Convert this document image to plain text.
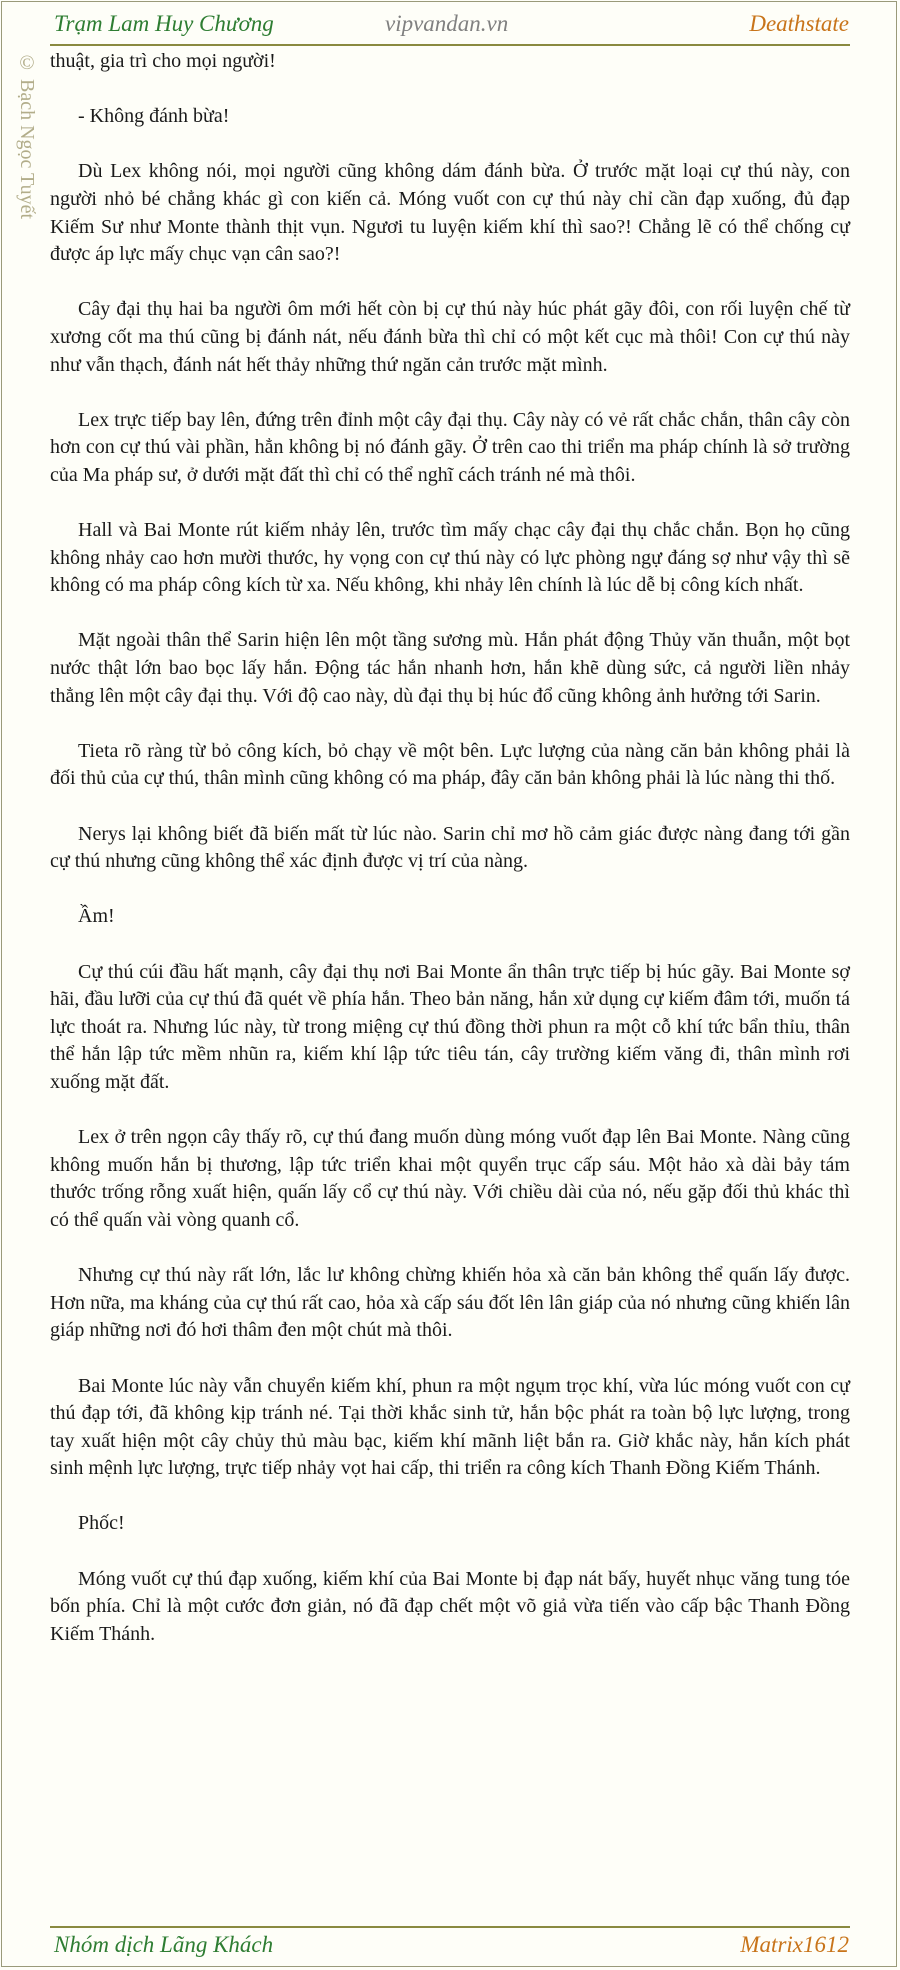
Trạm Lam Huy Chương	vipvandan.vn	Deathstate
© Bạch Ngọc Tuyết thuật, gia trì cho mọi người!

- Không đánh bừa!

Dù Lex không nói, mọi người cũng không dám đánh bừa. Ở trước mặt loại cự thú này, con người nhỏ bé chẳng khác gì con kiến cả. Móng vuốt con cự thú này chỉ cần đạp xuống, đủ đạp Kiếm Sư như Monte thành thịt vụn. Ngươi tu luyện kiếm khí thì sao?! Chẳng lẽ có thể chống cự được áp lực mấy chục vạn cân sao?!

Cây đại thụ hai ba người ôm mới hết còn bị cự thú này húc phát gãy đôi, con rối luyện chế từ xương cốt ma thú cũng bị đánh nát, nếu đánh bừa thì chỉ có một kết cục mà thôi! Con cự thú này như vẫn thạch, đánh nát hết thảy những thứ ngăn cản trước mặt mình.

Lex trực tiếp bay lên, đứng trên đỉnh một cây đại thụ. Cây này có vẻ rất chắc chắn, thân cây còn hơn con cự thú vài phần, hẳn không bị nó đánh gãy. Ở trên cao thi triển ma pháp chính là sở trường của Ma pháp sư, ở dưới mặt đất thì chỉ có thể nghĩ cách tránh né mà thôi.

Hall và Bai Monte rút kiếm nhảy lên, trước tìm mấy chạc cây đại thụ chắc chắn. Bọn họ cũng không nhảy cao hơn mười thước, hy vọng con cự thú này có lực phòng ngự đáng sợ như vậy thì sẽ không có ma pháp công kích từ xa. Nếu không, khi nhảy lên chính là lúc dễ bị công kích nhất.

Mặt ngoài thân thể Sarin hiện lên một tầng sương mù. Hắn phát động Thủy văn thuẫn, một bọt nước thật lớn bao bọc lấy hắn. Động tác hắn nhanh hơn, hắn khẽ dùng sức, cả người liền nhảy thẳng lên một cây đại thụ. Với độ cao này, dù đại thụ bị húc đổ cũng không ảnh hưởng tới Sarin.

Tieta rõ ràng từ bỏ công kích, bỏ chạy về một bên. Lực lượng của nàng căn bản không phải là đối thủ của cự thú, thân mình cũng không có ma pháp, đây căn bản không phải là lúc nàng thi thố.

Nerys lại không biết đã biến mất từ lúc nào. Sarin chỉ mơ hồ cảm giác được nàng đang tới gần cự thú nhưng cũng không thể xác định được vị trí của nàng.

Ầm!

Cự thú cúi đầu hất mạnh, cây đại thụ nơi Bai Monte ẩn thân trực tiếp bị húc gãy. Bai Monte sợ hãi, đầu lưỡi của cự thú đã quét về phía hắn. Theo bản năng, hắn xử dụng cự kiếm đâm tới, muốn tá lực thoát ra. Nhưng lúc này, từ trong miệng cự thú đồng thời phun ra một cỗ khí tức bẩn thỉu, thân thể hắn lập tức mềm nhũn ra, kiếm khí lập tức tiêu tán, cây trường kiếm văng đi, thân mình rơi xuống mặt đất.

Lex ở trên ngọn cây thấy rõ, cự thú đang muốn dùng móng vuốt đạp lên Bai Monte. Nàng cũng không muốn hắn bị thương, lập tức triển khai một quyển trục cấp sáu. Một hảo xà dài bảy tám thước trống rỗng xuất hiện, quấn lấy cổ cự thú này. Với chiều dài của nó, nếu gặp đối thủ khác thì có thể quấn vài vòng quanh cổ.

Nhưng cự thú này rất lớn, lắc lư không chừng khiến hỏa xà căn bản không thể quấn lấy được. Hơn nữa, ma kháng của cự thú rất cao, hỏa xà cấp sáu đốt lên lân giáp của nó nhưng cũng khiến lân giáp những nơi đó hơi thâm đen một chút mà thôi.

Bai Monte lúc này vẫn chuyển kiếm khí, phun ra một ngụm trọc khí, vừa lúc móng vuốt con cự thú đạp tới, đã không kịp tránh né. Tại thời khắc sinh tử, hắn bộc phát ra toàn bộ lực lượng, trong tay xuất hiện một cây chủy thủ màu bạc, kiếm khí mãnh liệt bắn ra. Giờ khắc này, hắn kích phát sinh mệnh lực lượng, trực tiếp nhảy vọt hai cấp, thi triển ra công kích Thanh Đồng Kiếm Thánh.

Phốc!

Móng vuốt cự thú đạp xuống, kiếm khí của Bai Monte bị đạp nát bấy, huyết nhục văng tung tóe bốn phía. Chỉ là một cước đơn giản, nó đã đạp chết một võ giả vừa tiến vào cấp bậc Thanh Đồng Kiếm Thánh.

Nhóm dịch Lãng Khách	Matrix1612
